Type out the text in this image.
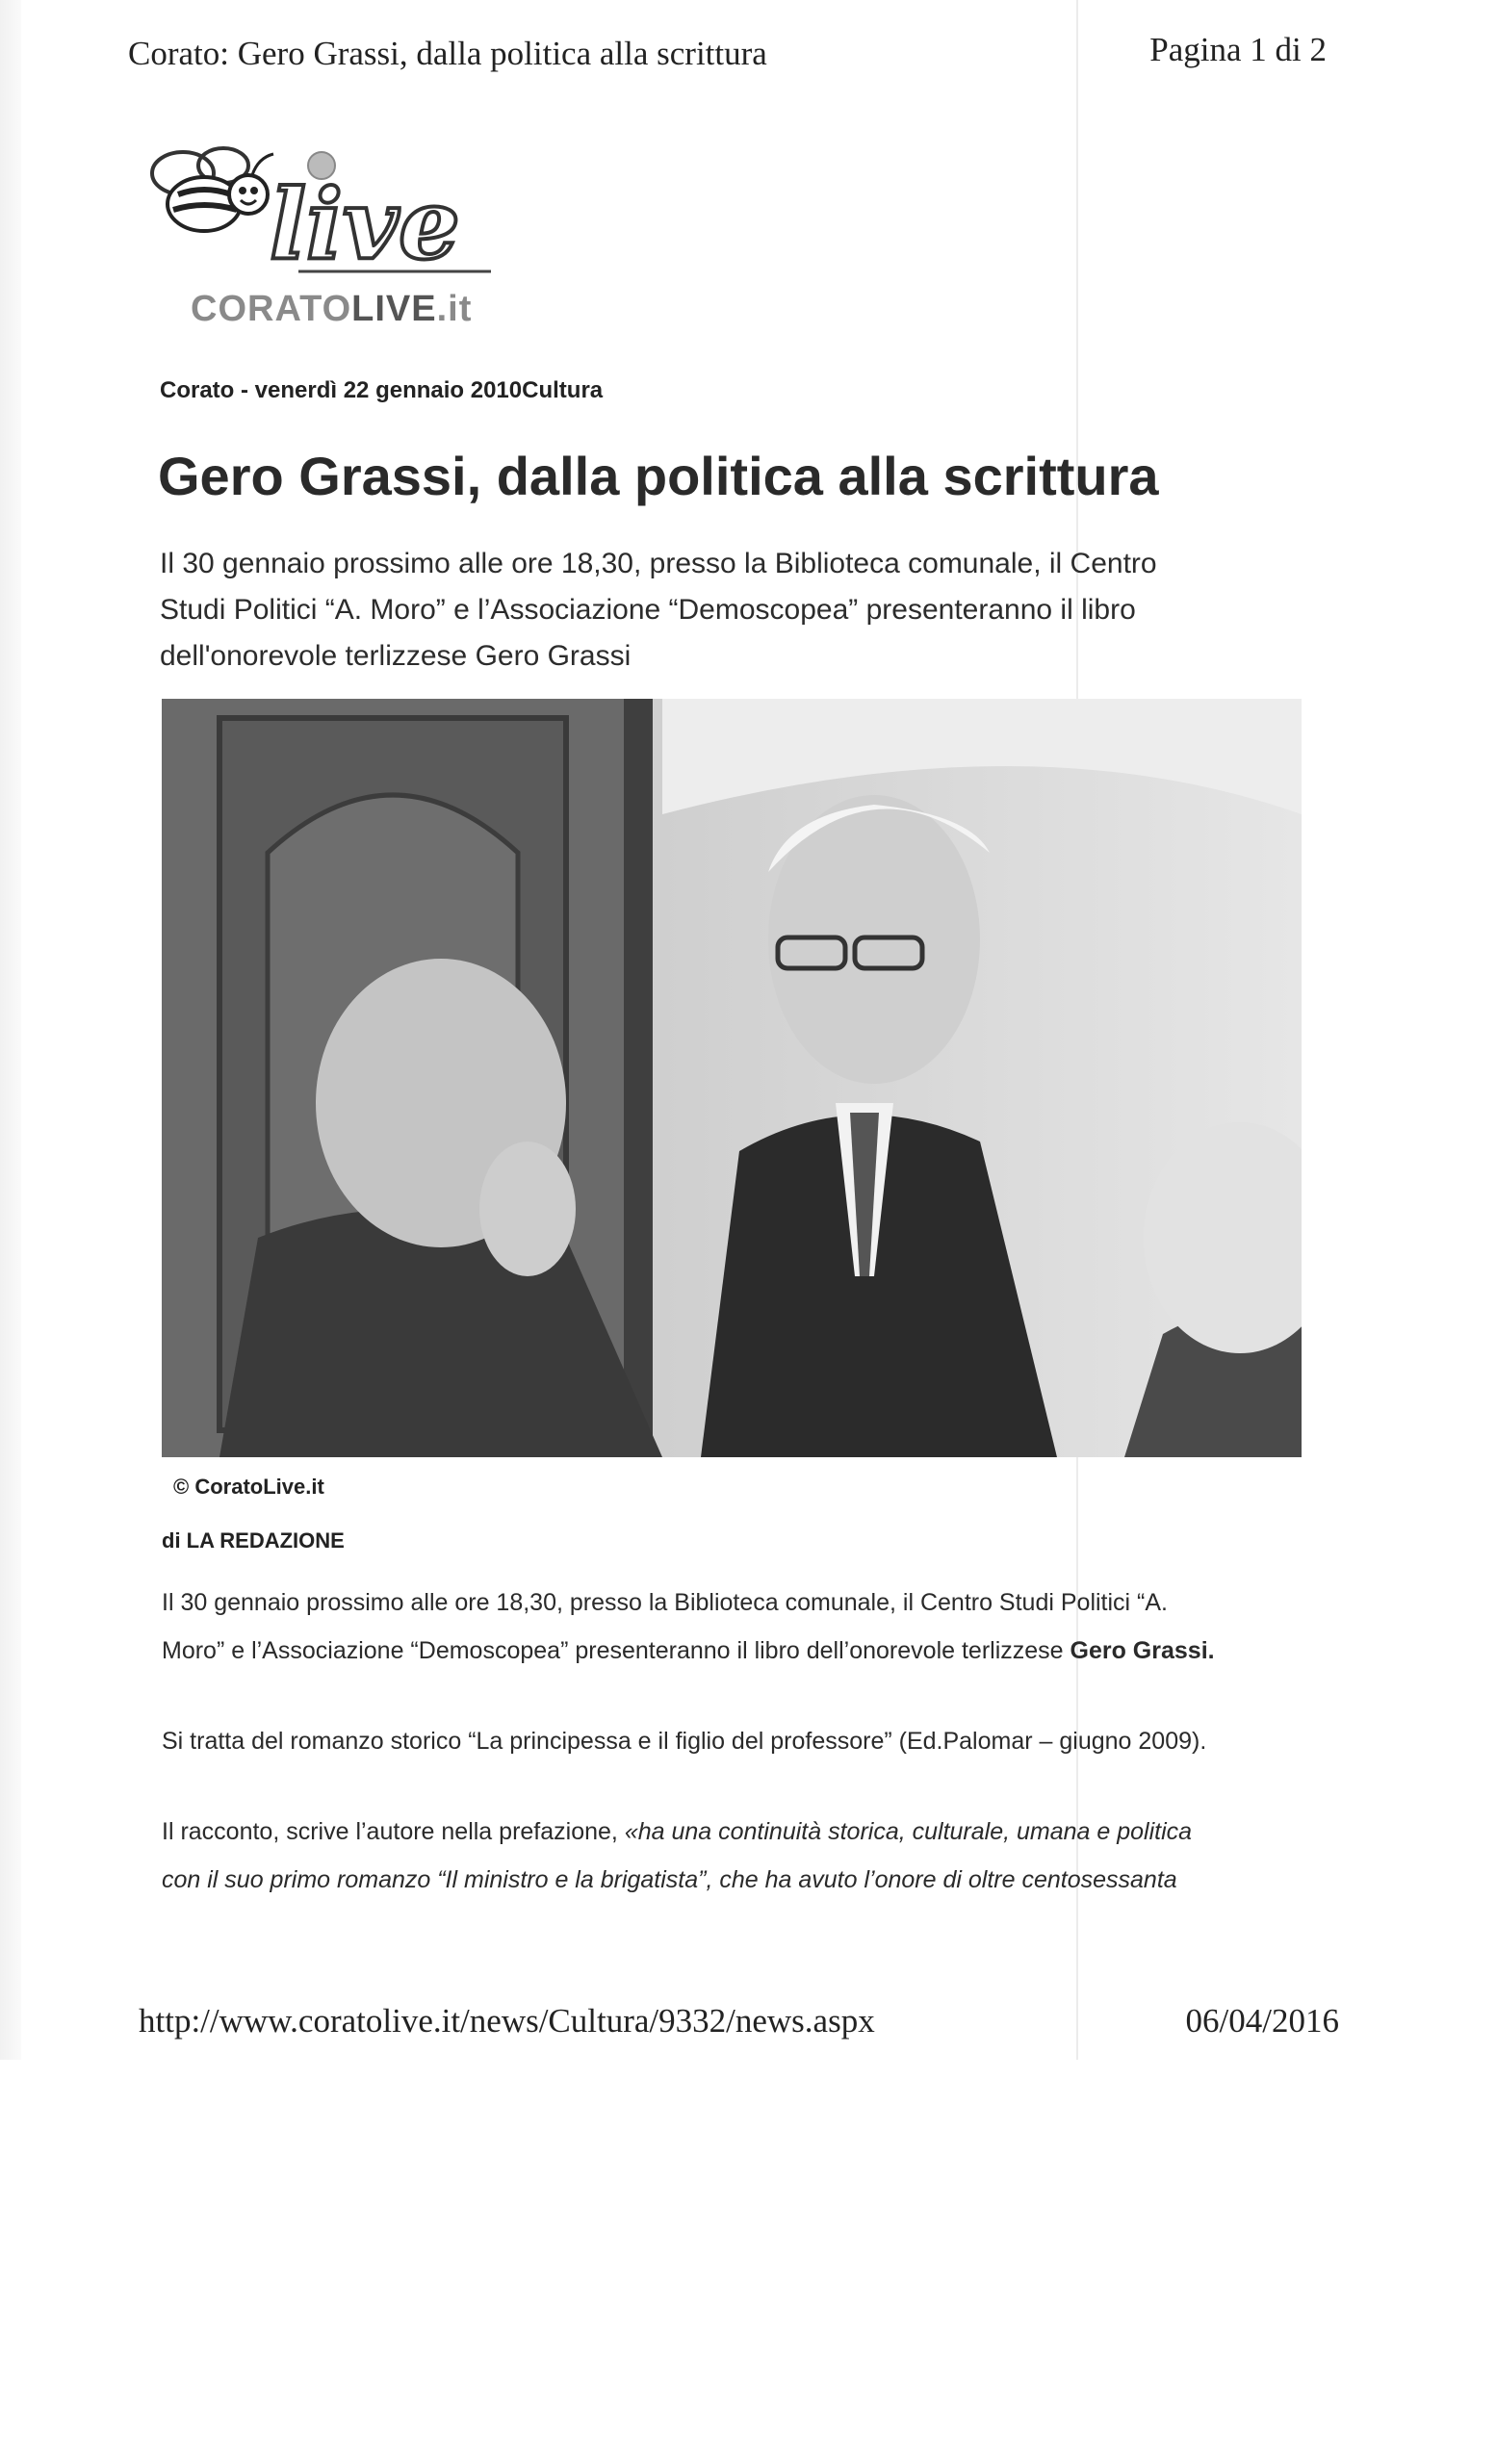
Corato: Gero Grassi, dalla politica alla scrittura	Pagina 1 di 2
live
CORATOLIVE.it
Corato - venerdì 22 gennaio 2010Cultura
Gero Grassi, dalla politica alla scrittura

Il 30 gennaio prossimo alle ore 18,30, presso la Biblioteca comunale, il Centro

Studi Politici “A. Moro” e l’Associazione “Demoscopea” presenteranno il libro

dell'onorevole terlizzese Gero Grassi

© CoratoLive.it
di LA REDAZIONE

Il 30 gennaio prossimo alle ore 18,30, presso la Biblioteca comunale, il Centro Studi Politici “A.

Moro” e l’Associazione “Demoscopea” presenteranno il libro dell’onorevole terlizzese Gero Grassi.

Si tratta del romanzo storico “La principessa e il figlio del professore” (Ed.Palomar – giugno 2009).

Il racconto, scrive l’autore nella prefazione, «ha una continuità storica, culturale, umana e politica

con il suo primo romanzo “Il ministro e la brigatista”, che ha avuto l’onore di oltre centosessanta

http://www.coratolive.it/news/Cultura/9332/news.aspx	06/04/2016
